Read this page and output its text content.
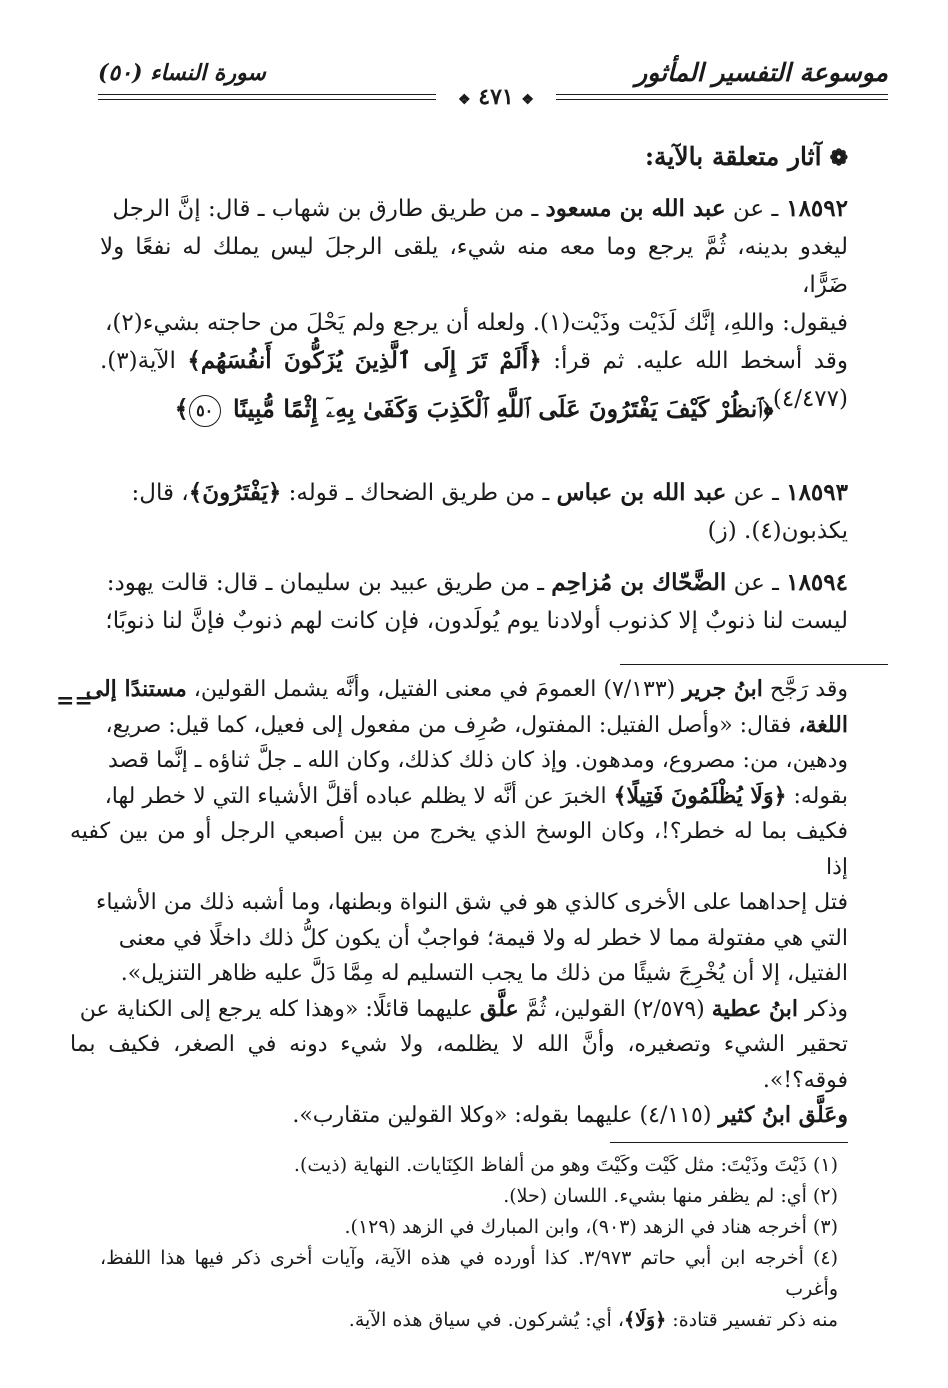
موسوعة التفسير المأثور
سورة النساء (٥٠)
❖ ٤٧١ ❖
❁آثار متعلقة بالآية:
١٨٥٩٢ ـ عن عبد الله بن مسعود ـ من طريق طارق بن شهاب ـ قال: إنَّ الرجل
ليغدو بدينه، ثُمَّ يرجع وما معه منه شيء، يلقى الرجلَ ليس يملك له نفعًا ولا ضَرًّا،
فيقول: واللهِ، إنَّك لَذَيْت وذَيْت(١). ولعله أن يرجع ولم يَحْلَ من حاجته بشيء(٢)،
وقد أسخط الله عليه. ثم قرأ: ﴿أَلَمْ تَرَ إِلَى ٱلَّذِينَ يُزَكُّونَ أَنفُسَهُم﴾ الآية(٣). (٤/٤٧٧)
﴿ٱنظُرْ كَيْفَ يَفْتَرُونَ عَلَى ٱللَّهِ ٱلْكَذِبَ وَكَفَىٰ بِهِۦٓ إِثْمًا مُّبِينًا ٥٠﴾
١٨٥٩٣ ـ عن عبد الله بن عباس ـ من طريق الضحاك ـ قوله: ﴿يَفْتَرُونَ﴾، قال:
يكذبون(٤). (ز)
١٨٥٩٤ ـ عن الضَّحّاك بن مُزاحِم ـ من طريق عبيد بن سليمان ـ قال: قالت يهود:
ليست لنا ذنوبٌ إلا كذنوب أولادنا يوم يُولَدون، فإن كانت لهم ذنوبٌ فإنَّ لنا ذنوبًا؛
==	وقد رَجَّح ابنُ جرير (٧/١٣٣) العمومَ في معنى الفتيل، وأنَّه يشمل القولين، مستندًا إلى
اللغة، فقال: «وأصل الفتيل: المفتول، صُرِف من مفعول إلى فعيل، كما قيل: صريع،
ودهين، من: مصروع، ومدهون. وإذ كان ذلك كذلك، وكان الله ـ جلَّ ثناؤه ـ إنَّما قصد
بقوله: ﴿وَلَا يُظْلَمُونَ فَتِيلًا﴾ الخبرَ عن أنَّه لا يظلم عباده أقلَّ الأشياء التي لا خطر لها،
فكيف بما له خطر؟!، وكان الوسخ الذي يخرج من بين أصبعي الرجل أو من بين كفيه إذا
فتل إحداهما على الأخرى كالذي هو في شق النواة وبطنها، وما أشبه ذلك من الأشياء
التي هي مفتولة مما لا خطر له ولا قيمة؛ فواجبٌ أن يكون كلُّ ذلك داخلًا في معنى
الفتيل، إلا أن يُخْرِجَ شيئًا من ذلك ما يجب التسليم له مِمَّا دَلَّ عليه ظاهر التنزيل».
وذكر ابنُ عطية (٢/٥٧٩) القولين، ثُمَّ علَّق عليهما قائلًا: «وهذا كله يرجع إلى الكناية عن
تحقير الشيء وتصغيره، وأنَّ الله لا يظلمه، ولا شيء دونه في الصغر، فكيف بما فوقه؟!».
وعَلَّق ابنُ كثير (٤/١١٥) عليهما بقوله: «وكلا القولين متقارب».
(١) ذَيْتَ وذَيْتَ: مثل كَيْت وكَيْتَ وهو من ألفاظ الكِنَايات. النهاية (ذيت).
(٢) أي: لم يظفر منها بشيء. اللسان (حلا).
(٣) أخرجه هناد في الزهد (٩٠٣)، وابن المبارك في الزهد (١٢٩).
(٤) أخرجه ابن أبي حاتم ٣/٩٧٣. كذا أورده في هذه الآية، وآيات أخرى ذكر فيها هذا اللفظ، وأغرب
منه ذكر تفسير قتادة: ﴿وَلَا﴾، أي: يُشركون. في سياق هذه الآية.
